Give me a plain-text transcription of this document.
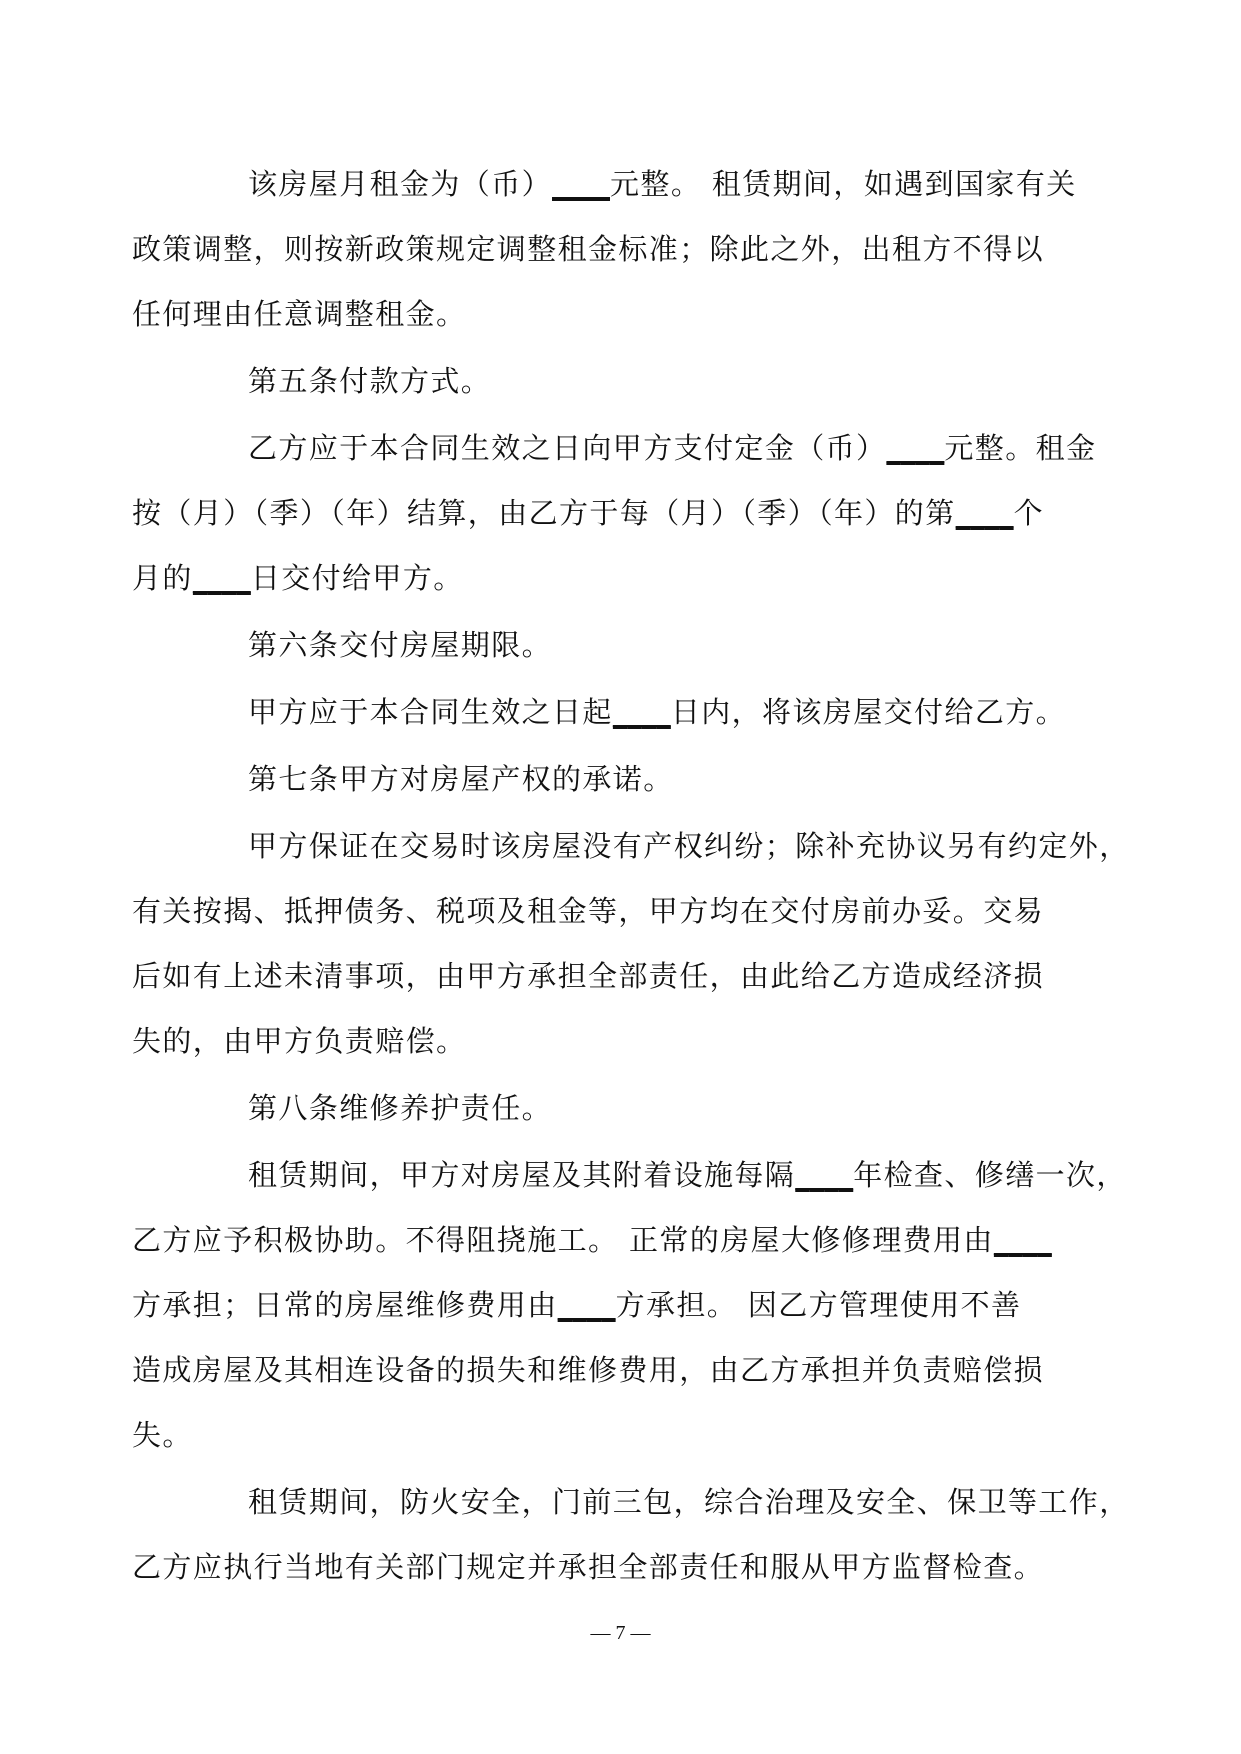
该房屋月租金为（币）____元整。 租赁期间，如遇到国家有关
政策调整，则按新政策规定调整租金标准；除此之外，出租方不得以
任何理由任意调整租金。
第五条付款方式。
乙方应于本合同生效之日向甲方支付定金（币）____元整。租金
按（月）（季）（年）结算，由乙方于每（月）（季）（年）的第____个
月的____日交付给甲方。
第六条交付房屋期限。
甲方应于本合同生效之日起____日内，将该房屋交付给乙方。
第七条甲方对房屋产权的承诺。
甲方保证在交易时该房屋没有产权纠纷；除补充协议另有约定外，
有关按揭、抵押债务、税项及租金等，甲方均在交付房前办妥。交易
后如有上述未清事项，由甲方承担全部责任，由此给乙方造成经济损
失的，由甲方负责赔偿。
第八条维修养护责任。
租赁期间，甲方对房屋及其附着设施每隔____年检查、修缮一次，
乙方应予积极协助。不得阻挠施工。 正常的房屋大修修理费用由____
方承担；日常的房屋维修费用由____方承担。 因乙方管理使用不善
造成房屋及其相连设备的损失和维修费用，由乙方承担并负责赔偿损
失。
租赁期间，防火安全，门前三包，综合治理及安全、保卫等工作，
乙方应执行当地有关部门规定并承担全部责任和服从甲方监督检查。
— 7 —
